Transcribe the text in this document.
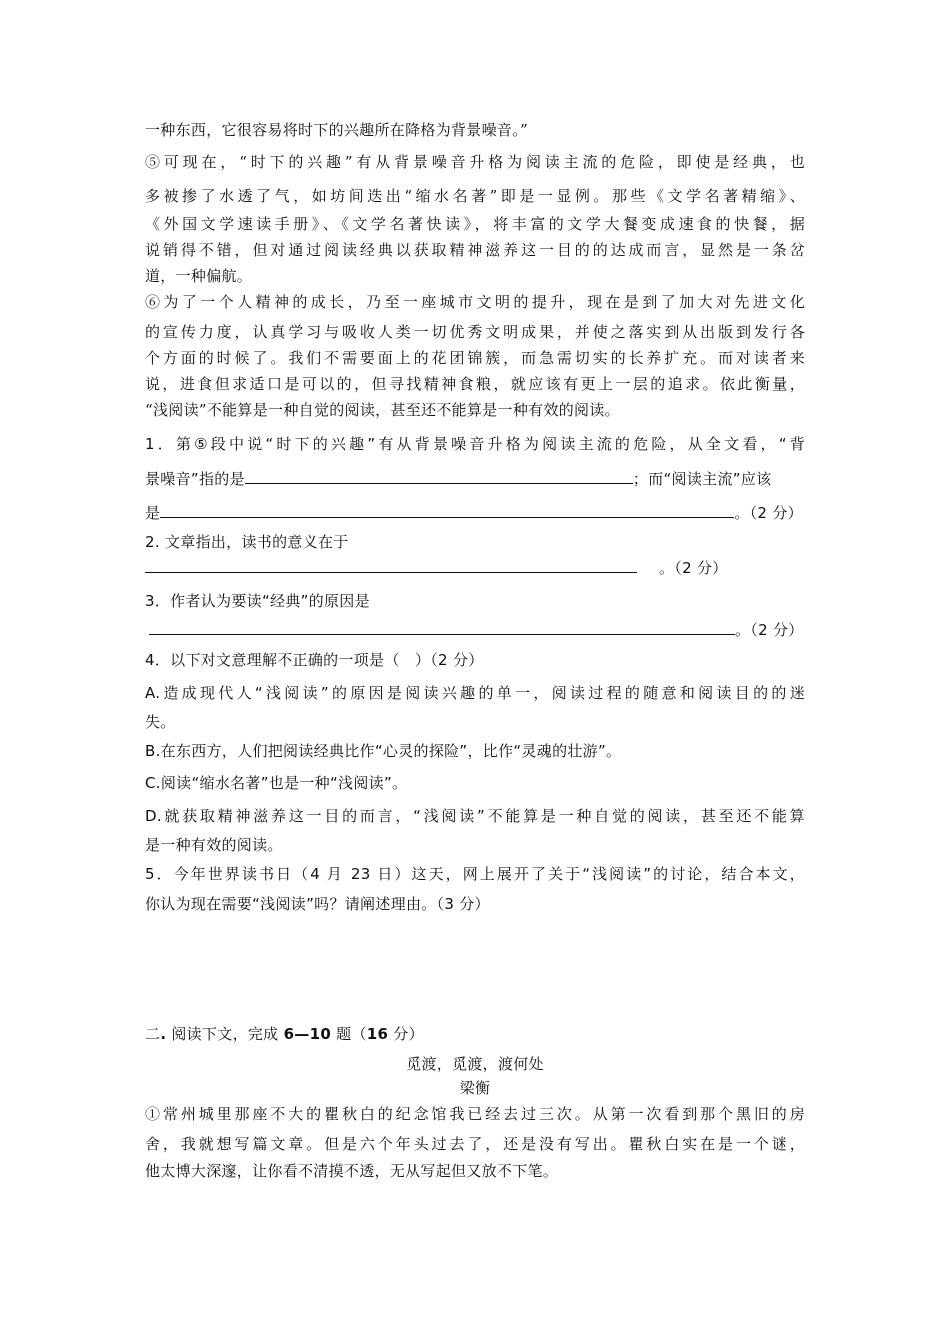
一种东西，它很容易将时下的兴趣所在降格为背景噪音。”
⑤可现在，“时下的兴趣”有从背景噪音升格为阅读主流的危险，即使是经典，也
多被掺了水透了气，如坊间迭出“缩水名著”即是一显例。那些《文学名著精缩》、
《外国文学速读手册》、《文学名著快读》，将丰富的文学大餐变成速食的快餐，据
说销得不错，但对通过阅读经典以获取精神滋养这一目的的达成而言，显然是一条岔
道，一种偏航。
⑥为了一个人精神的成长，乃至一座城市文明的提升，现在是到了加大对先进文化
的宣传力度，认真学习与吸收人类一切优秀文明成果，并使之落实到从出版到发行各
个方面的时候了。我们不需要面上的花团锦簇，而急需切实的长养扩充。而对读者来
说，进食但求适口是可以的，但寻找精神食粮，就应该有更上一层的追求。依此衡量，
“浅阅读”不能算是一种自觉的阅读，甚至还不能算是一种有效的阅读。
1．第⑤段中说“时下的兴趣”有从背景噪音升格为阅读主流的危险，从全文看，“背
景噪音”指的是	；而“阅读主流”应该
是	。（2 分）
2. 文章指出，读书的意义在于
。（2 分）
3．作者认为要读“经典”的原因是
。（2 分）
4．以下对文意理解不正确的一项是（　）（2 分）
A.造成现代人“浅阅读”的原因是阅读兴趣的单一，阅读过程的随意和阅读目的的迷
失。
B.在东西方，人们把阅读经典比作“心灵的探险”，比作“灵魂的壮游”。
C.阅读“缩水名著”也是一种“浅阅读”。
D.就获取精神滋养这一目的而言，“浅阅读”不能算是一种自觉的阅读，甚至还不能算
是一种有效的阅读。
5．今年世界读书日（4 月 23 日）这天，网上展开了关于“浅阅读”的讨论，结合本文，
你认为现在需要“浅阅读”吗？请阐述理由。（3 分）
二. 阅读下文，完成 6—10 题（16 分）
觅渡，觅渡，渡何处
梁衡
①常州城里那座不大的瞿秋白的纪念馆我已经去过三次。从第一次看到那个黑旧的房
舍，我就想写篇文章。但是六个年头过去了，还是没有写出。瞿秋白实在是一个谜，
他太博大深邃，让你看不清摸不透，无从写起但又放不下笔。
